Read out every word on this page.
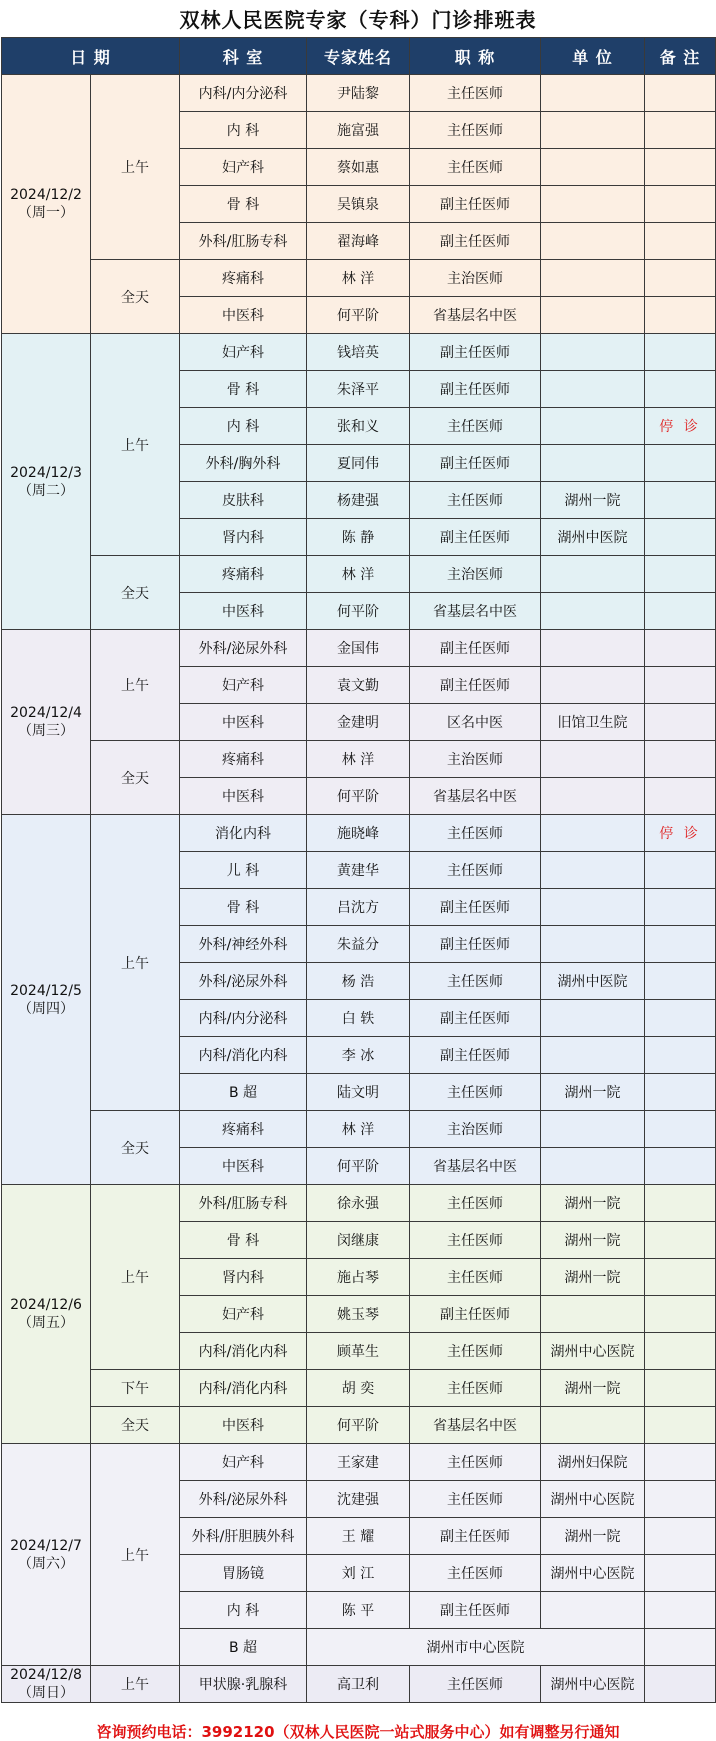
双林人民医院专家（专科）门诊排班表
日 期		科 室	专家姓名	职 称	单 位	备 注
2024/12/2
（周一）	上午	内科/内分泌科	尹陆黎	主任医师		
		内 科	施富强	主任医师		
		妇产科	蔡如惠	主任医师		
		骨 科	吴镇泉	副主任医师		
		外科/肛肠专科	翟海峰	副主任医师		
	全天	疼痛科	林 洋	主治医师		
		中医科	何平阶	省基层名中医		
2024/12/3
（周二）	上午	妇产科	钱培英	副主任医师		
		骨 科	朱泽平	副主任医师		
		内 科	张和义	主任医师		停 诊
		外科/胸外科	夏同伟	副主任医师		
		皮肤科	杨建强	主任医师	湖州一院	
		肾内科	陈 静	副主任医师	湖州中医院	
	全天	疼痛科	林 洋	主治医师		
		中医科	何平阶	省基层名中医		
2024/12/4
（周三）	上午	外科/泌尿外科	金国伟	副主任医师		
		妇产科	袁文勤	副主任医师		
		中医科	金建明	区名中医	旧馆卫生院	
	全天	疼痛科	林 洋	主治医师		
		中医科	何平阶	省基层名中医		
2024/12/5
（周四）	上午	消化内科	施晓峰	主任医师		停 诊
		儿 科	黄建华	主任医师		
		骨 科	吕沈方	副主任医师		
		外科/神经外科	朱益分	副主任医师		
		外科/泌尿外科	杨 浩	主任医师	湖州中医院	
		内科/内分泌科	白 轶	副主任医师		
		内科/消化内科	李 冰	副主任医师		
		B 超	陆文明	主任医师	湖州一院	
	全天	疼痛科	林 洋	主治医师		
		中医科	何平阶	省基层名中医		
2024/12/6
（周五）	上午	外科/肛肠专科	徐永强	主任医师	湖州一院	
		骨 科	闵继康	主任医师	湖州一院	
		肾内科	施占琴	主任医师	湖州一院	
		妇产科	姚玉琴	副主任医师		
		内科/消化内科	顾革生	主任医师	湖州中心医院	
	下午	内科/消化内科	胡 奕	主任医师	湖州一院	
	全天	中医科	何平阶	省基层名中医		
2024/12/7
（周六）	上午	妇产科	王家建	主任医师	湖州妇保院	
		外科/泌尿外科	沈建强	主任医师	湖州中心医院	
		外科/肝胆胰外科	王 耀	副主任医师	湖州一院	
		胃肠镜	刘 江	主任医师	湖州中心医院	
		内 科	陈 平	副主任医师		
		B 超	湖州市中心医院			
2024/12/8
（周日）	上午	甲状腺·乳腺科	高卫利	主任医师	湖州中心医院	
咨询预约电话：3992120（双林人民医院一站式服务中心）如有调整另行通知
